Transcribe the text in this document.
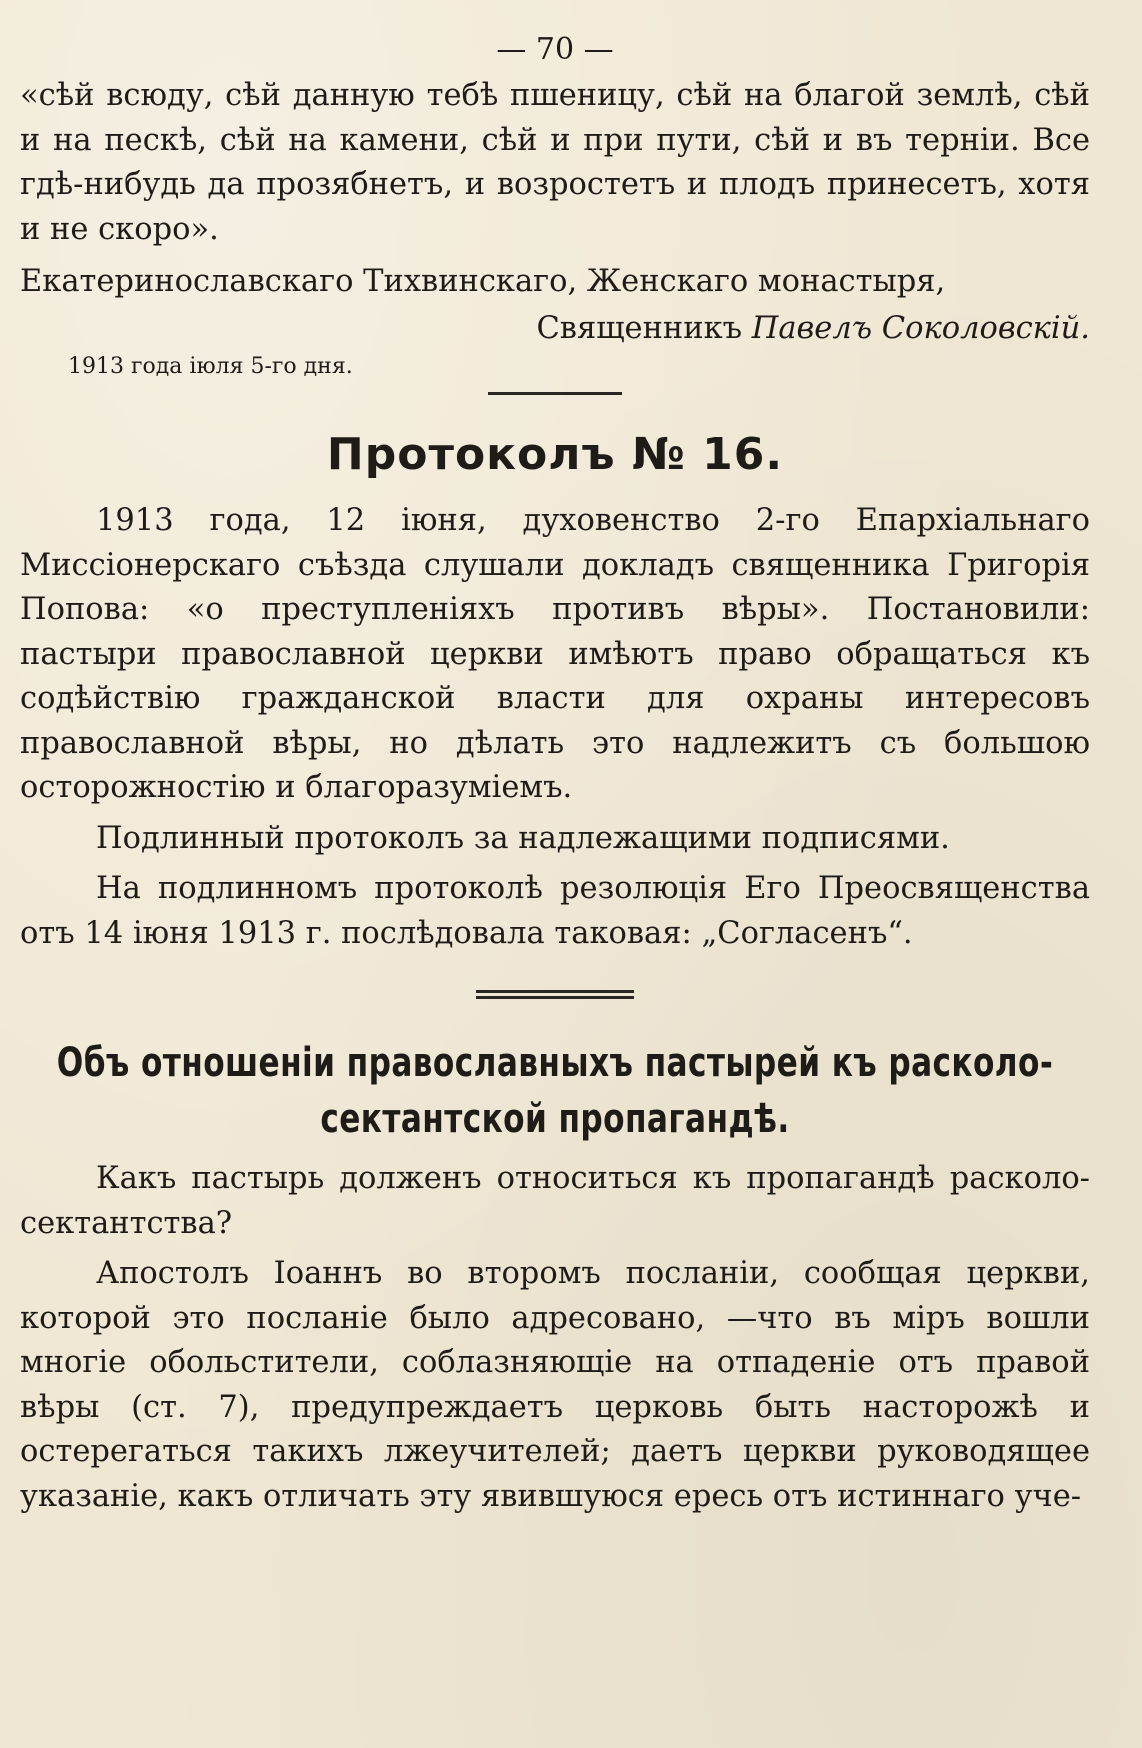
— 70 —

«сѣй всюду, сѣй данную тебѣ пшеницу, сѣй на благой землѣ, сѣй и на пескѣ, сѣй на камени, сѣй и при пути, сѣй и въ терніи. Все гдѣ-нибудь да прозябнетъ, и возростетъ и плодъ принесетъ, хотя и не скоро».

Екатеринославскаго Тихвинскаго, Женскаго монастыря,
Священникъ Павелъ Соколовскій.
1913 года іюля 5-го дня.
Протоколъ № 16.

1913 года, 12 іюня, духовенство 2-го Епархіальнаго Миссіонерскаго съѣзда слушали докладъ священника Григорія Попова: «о преступленіяхъ противъ вѣры». Постановили: пастыри православной церкви имѣютъ право обращаться къ содѣйствію гражданской власти для охраны интересовъ православной вѣры, но дѣлать это надлежитъ съ большою осторожностію и благоразуміемъ.

Подлинный протоколъ за надлежащими подписями.

На подлинномъ протоколѣ резолюція Его Преосвященства отъ 14 іюня 1913 г. послѣдовала таковая: „Согласенъ“.

Объ отношеніи православныхъ пастырей къ расколо-сектантской пропагандѣ.

Какъ пастырь долженъ относиться къ пропагандѣ расколо-сектантства?

Апостолъ Іоаннъ во второмъ посланіи, сообщая церкви, которой это посланіе было адресовано, —что въ міръ вошли многіе обольстители, соблазняющіе на отпаденіе отъ правой вѣры (ст. 7), предупреждаетъ церковь быть насторожѣ и остерегаться такихъ лжеучителей; даетъ церкви руководящее указаніе, какъ отличать эту явившуюся ересь отъ истиннаго уче-
